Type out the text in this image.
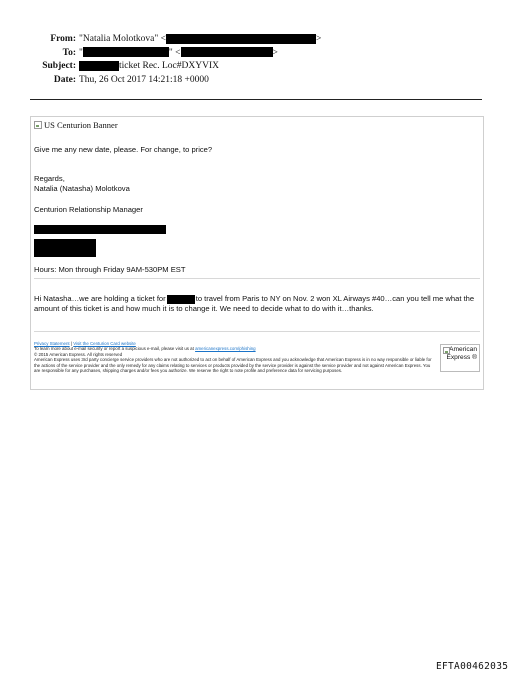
From: "Natalia Molotkova" <	>
To: "	" <	>
Subject:	ticket Rec. Loc#DXYVIX
Date: Thu, 26 Oct 2017 14:21:18 +0000
US Centurion Banner
Give me any new date, please. For change, to price?
Regards,
Natalia (Natasha) Molotkova
Centurion Relationship Manager
Hours: Mon through Friday 9AM-530PM EST
Hi Natasha…we are holding a ticket for	to travel from Paris to NY on Nov. 2 won XL Airways #40…can you tell me what the amount of this ticket is and how much it is to change it. We need to decide what to do with it…thanks.
Privacy Statement | Visit the Centurion Card website
To learn more about e-mail security or report a suspicious e-mail, please visit us at americanexpress.com/phishing
© 2015 American Express. All rights reserved
American Express uses 3rd party concierge service providers who are not authorized to act on behalf of American Express and you acknowledge that American Express is in no way responsible or liable for the actions of the service provider and the only remedy for any claims relating to services or products provided by the service provider is against the service provider and not against American Express. You are responsible for any purchases, shipping charges and/or fees you authorize. We reserve the right to note profile and preference data for servicing purposes.
American Express ®
EFTA00462035
